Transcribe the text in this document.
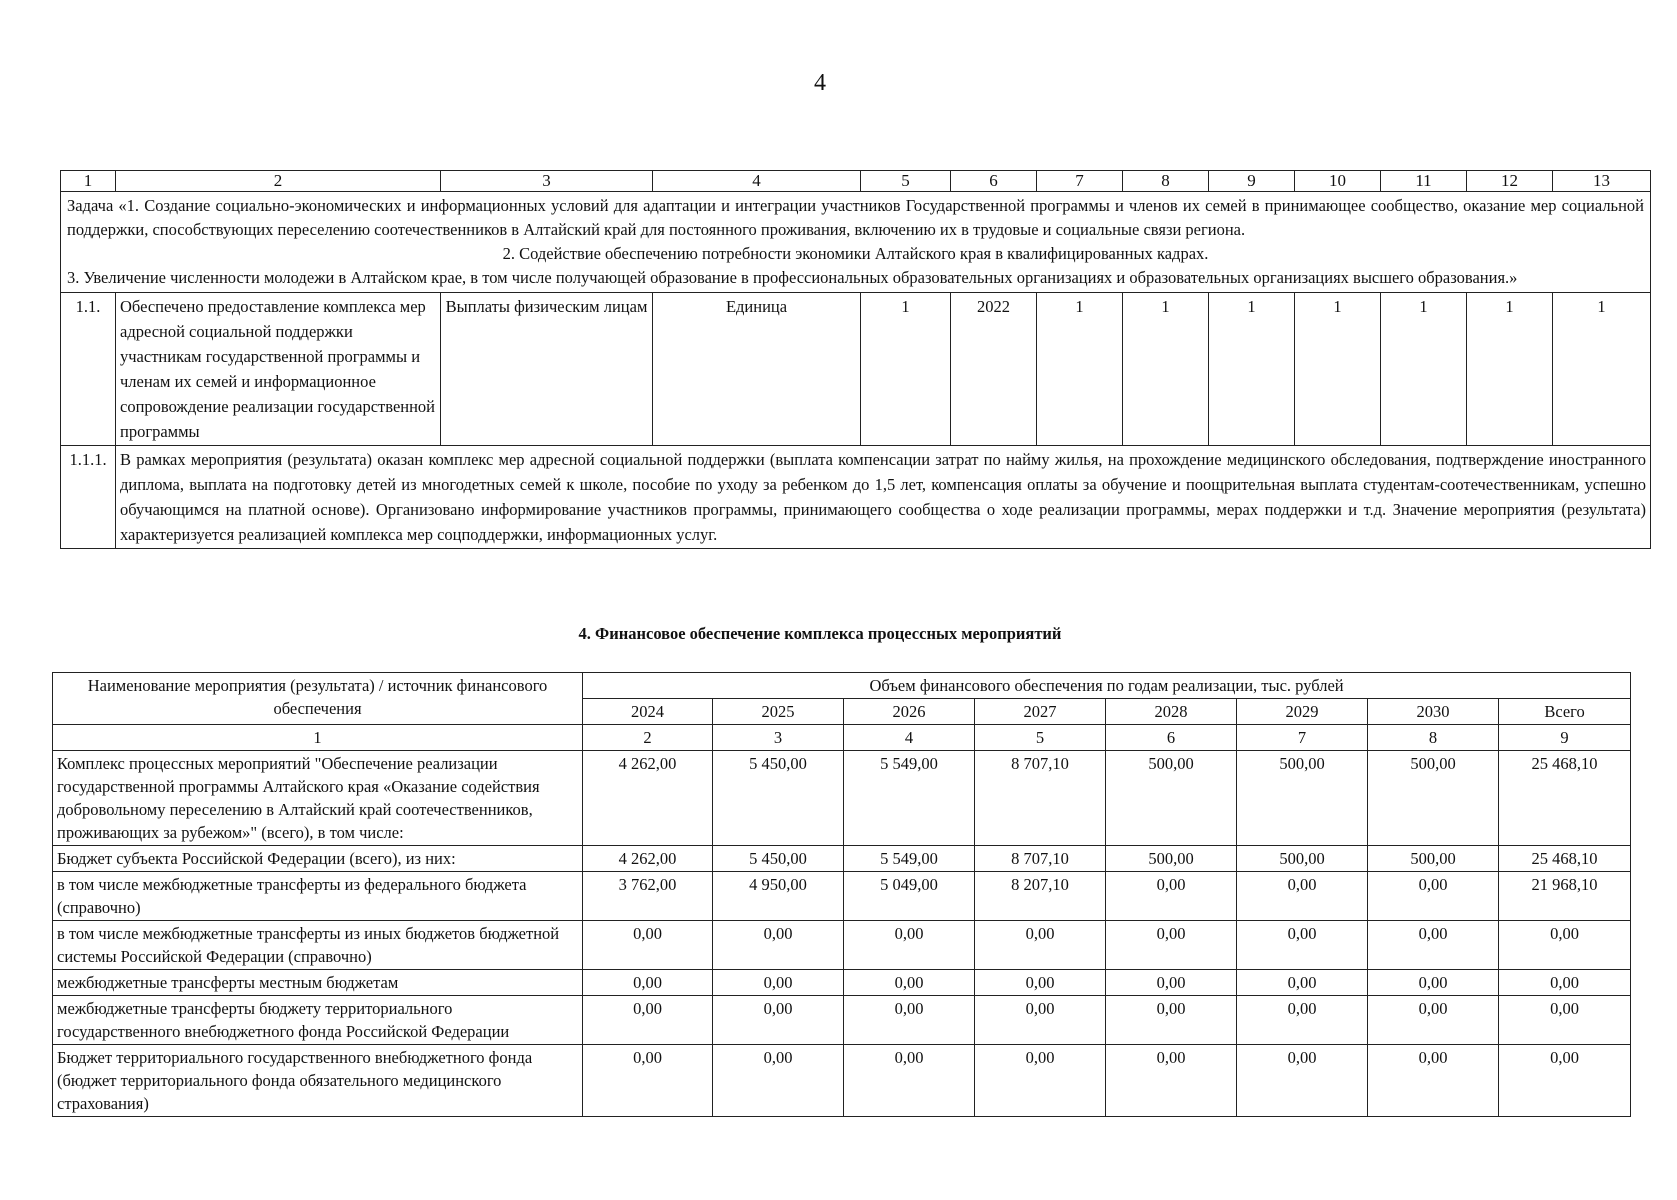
4
1	2	3	4	5	6	7	8	9	10	11	12	13

Задача «1. Создание социально-экономических и информационных условий для адаптации и интеграции участников Государственной программы и членов их семей в принимающее сообщество, оказание мер социальной поддержки, способствующих переселению соотечественников в Алтайский край для постоянного проживания, включению их в трудовые и социальные связи региона.
2. Содействие обеспечению потребности экономики Алтайского края в квалифицированных кадрах.
3. Увеличение численности молодежи в Алтайском крае, в том числе получающей образование в профессиональных образовательных организациях и образовательных организациях высшего образования.»												

1.1.	Обеспечено предоставление комплекса мер адресной социальной поддержки участникам государственной программы и членам их семей и информационное сопровождение реализации государственной программы	Выплаты физическим лицам	Единица	1	2022	1	1	1	1	1	1	1
1.1.1.	В рамках мероприятия (результата) оказан комплекс мер адресной социальной поддержки (выплата компенсации затрат по найму жилья, на прохождение медицинского обследования, подтверждение иностранного диплома, выплата на подготовку детей из многодетных семей к школе, пособие по уходу за ребенком до 1,5 лет, компенсация оплаты за обучение и поощрительная выплата студентам-соотечественникам, успешно обучающимся на платной основе). Организовано информирование участников программы, принимающего сообщества о ходе реализации программы, мерах поддержки и т.д. Значение мероприятия (результата) характеризуется реализацией комплекса мер соцподдержки, информационных услуг.											
4. Финансовое обеспечение комплекса процессных мероприятий
Наименование мероприятия (результата) / источник финансового обеспечения	Объем финансового обеспечения по годам реализации, тыс. рублей							
	2024	2025	2026	2027	2028	2029	2030	Всего
1	2	3	4	5	6	7	8	9
Комплекс процессных мероприятий "Обеспечение реализации государственной программы Алтайского края «Оказание содействия добровольному переселению в Алтайский край соотечественников, проживающих за рубежом»" (всего), в том числе:	4 262,00	5 450,00	5 549,00	8 707,10	500,00	500,00	500,00	25 468,10
Бюджет субъекта Российской Федерации (всего), из них:	4 262,00	5 450,00	5 549,00	8 707,10	500,00	500,00	500,00	25 468,10
в том числе межбюджетные трансферты из федерального бюджета (справочно)	3 762,00	4 950,00	5 049,00	8 207,10	0,00	0,00	0,00	21 968,10
в том числе межбюджетные трансферты из иных бюджетов бюджетной системы Российской Федерации (справочно)	0,00	0,00	0,00	0,00	0,00	0,00	0,00	0,00
межбюджетные трансферты местным бюджетам	0,00	0,00	0,00	0,00	0,00	0,00	0,00	0,00
межбюджетные трансферты бюджету территориального государственного внебюджетного фонда Российской Федерации	0,00	0,00	0,00	0,00	0,00	0,00	0,00	0,00
Бюджет территориального государственного внебюджетного фонда (бюджет территориального фонда обязательного медицинского страхования)	0,00	0,00	0,00	0,00	0,00	0,00	0,00	0,00
